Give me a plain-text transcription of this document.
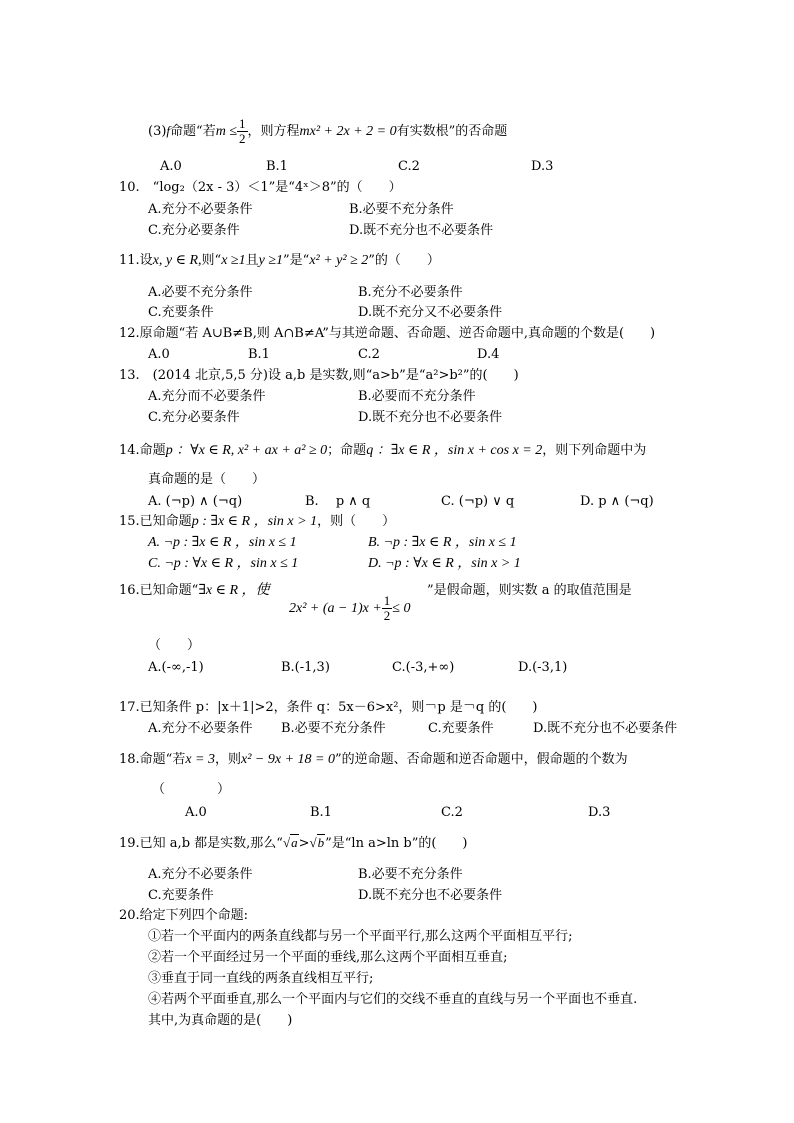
(3)f命题“若$m \le \frac{1}{2}$ ，则方程mx² + 2x + 2 = 0有实数根”的否命题
A.0	B.1	C.2	D.3
10.　“log₂（2x - 3）＜1”是“4ˣ＞8”的（　　）
A.充分不必要条件	B.必要不充分条件
C.充分必要条件	D.既不充分也不必要条件
11.设x, y ∈ R,则“x ≥1且y ≥1”是“x² + y² ≥ 2”的（　　）
A.必要不充分条件	B.充分不必要条件
C.充要条件	D.既不充分又不必要条件
12.原命题“若 A∪B≠B,则 A∩B≠A”与其逆命题、否命题、逆否命题中,真命题的个数是(　　)
A.0	B.1	C.2	D.4
13.　(2014 北京,5,5 分)设 a,b 是实数,则“a>b”是“a²>b²”的(　　)
A.充分而不必要条件	B.必要而不充分条件
C.充分必要条件	D.既不充分也不必要条件
14.命题p ：∀x ∈ R, x² + ax + a² ≥ 0；命题q ：∃x ∈ R ，sin x + cos x = 2，则下列命题中为
真命题的是（　　）
A. (¬p) ∧ (¬q)	B.　 p ∧ q	C. (¬p) ∨ q	D. p ∧ (¬q)
15.已知命题p : ∃x ∈ R ，sin x > 1，则（　　）
A. ¬p : ∃x ∈ R ，sin x ≤ 1	B. ¬p : ∃x ∈ R ，sin x ≤ 1
C. ¬p : ∀x ∈ R ，sin x ≤ 1	D. ¬p : ∀x ∈ R ，sin x > 1
16.已知命题“∃x ∈ R ，使	”是假命题，则实数 a 的取值范围是
$2x^2 + (a - 1)x + \frac{1}{2} \le 0$
（　　）
A.(-∞,-1)	B.(-1,3)	C.(-3,+∞)	D.(-3,1)
17.已知条件 p：|x＋1|>2，条件 q：5x－6>x²，则￢p 是￢q 的(　　)
A.充分不必要条件 B.必要不充分条件	C.充要条件	D.既不充分也不必要条件
18.命题“若x = 3，则x² − 9x + 18 = 0”的逆命题、否命题和逆否命题中，假命题的个数为
（　　　　）
A.0	B.1	C.2	D.3
19.已知 a,b 都是实数,那么“√a>√b”是“ln a>ln b”的(　　)
A.充分不必要条件	B.必要不充分条件
C.充要条件	D.既不充分也不必要条件
20.给定下列四个命题:
①若一个平面内的两条直线都与另一个平面平行,那么这两个平面相互平行;
②若一个平面经过另一个平面的垂线,那么这两个平面相互垂直;
③垂直于同一直线的两条直线相互平行;
④若两个平面垂直,那么一个平面内与它们的交线不垂直的直线与另一个平面也不垂直.
其中,为真命题的是(　　)
